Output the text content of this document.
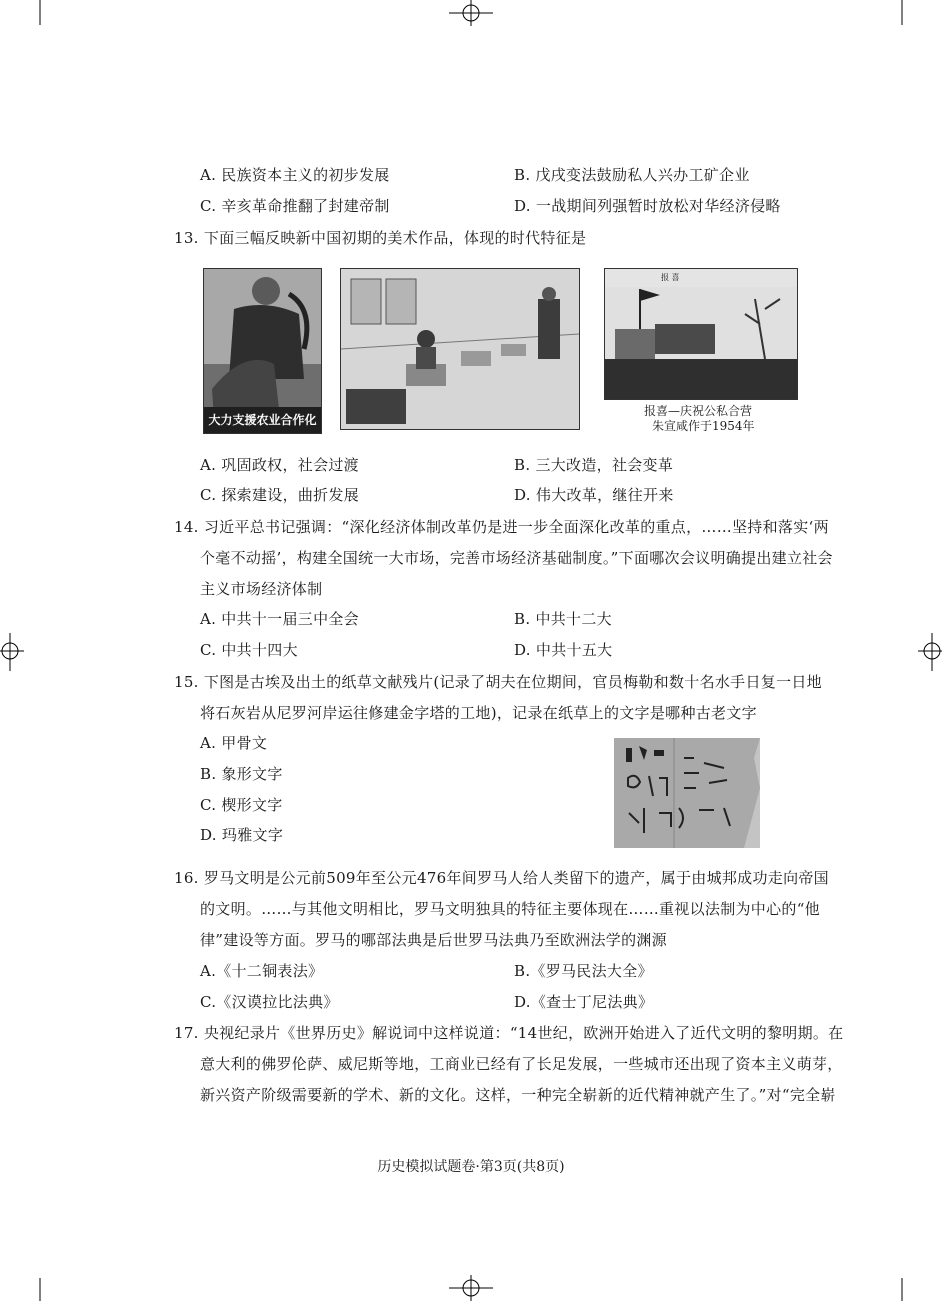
A. 民族资本主义的初步发展	B. 戊戌变法鼓励私人兴办工矿企业
C. 辛亥革命推翻了封建帝制	D. 一战期间列强暂时放松对华经济侵略
13. 下面三幅反映新中国初期的美术作品，体现的时代特征是
大力支援农业合作化
报 喜
报喜—庆祝公私合营
朱宣咸作于1954年
A. 巩固政权，社会过渡	B. 三大改造，社会变革
C. 探索建设，曲折发展	D. 伟大改革，继往开来
14. 习近平总书记强调：“深化经济体制改革仍是进一步全面深化改革的重点，……坚持和落实‘两
个毫不动摇’，构建全国统一大市场，完善市场经济基础制度。”下面哪次会议明确提出建立社会
主义市场经济体制
A. 中共十一届三中全会	B. 中共十二大
C. 中共十四大	D. 中共十五大
15. 下图是古埃及出土的纸草文献残片(记录了胡夫在位期间，官员梅勒和数十名水手日复一日地
将石灰岩从尼罗河岸运往修建金字塔的工地)，记录在纸草上的文字是哪种古老文字
A. 甲骨文
B. 象形文字
C. 楔形文字
D. 玛雅文字
16. 罗马文明是公元前509年至公元476年间罗马人给人类留下的遗产，属于由城邦成功走向帝国
的文明。……与其他文明相比，罗马文明独具的特征主要体现在……重视以法制为中心的“他
律”建设等方面。罗马的哪部法典是后世罗马法典乃至欧洲法学的渊源
A.《十二铜表法》	B.《罗马民法大全》
C.《汉谟拉比法典》	D.《查士丁尼法典》
17. 央视纪录片《世界历史》解说词中这样说道：“14世纪，欧洲开始进入了近代文明的黎明期。在
意大利的佛罗伦萨、威尼斯等地，工商业已经有了长足发展，一些城市还出现了资本主义萌芽，
新兴资产阶级需要新的学术、新的文化。这样，一种完全崭新的近代精神就产生了。”对“完全崭
历史模拟试题卷·第3页(共8页)
